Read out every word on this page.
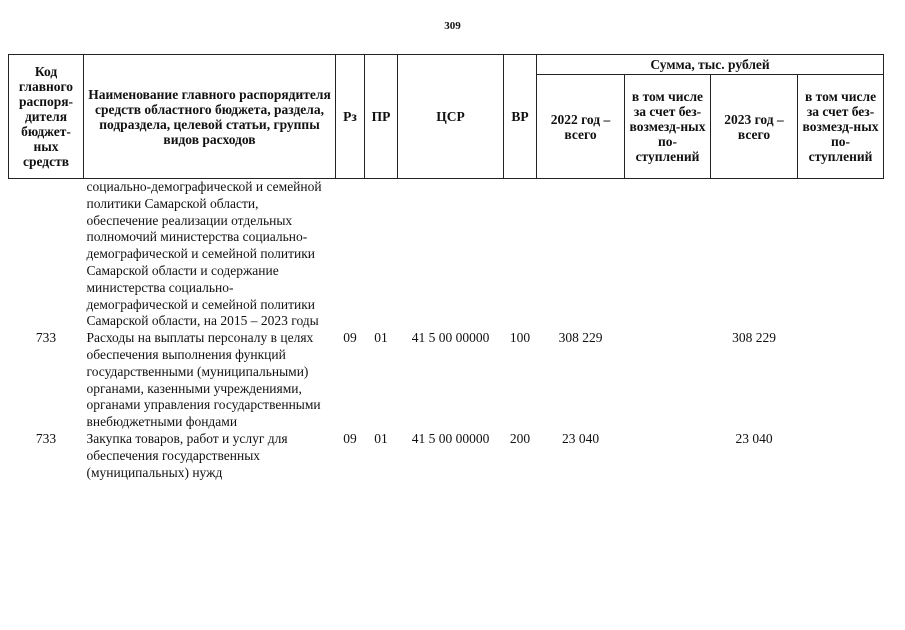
309
Код главного распоря-дителя бюджет-ных средств	Наименование главного распорядителя средств областного бюджета, раздела, подраздела, целевой статьи, группы видов расходов	Рз	ПР	ЦСР	ВР	Сумма, тыс. рублей			
						2022 год – всего	в том числе за счет без-возмезд-ных по-ступлений	2023 год – всего	в том числе за счет без-возмезд-ных по-ступлений
	социально-демографической и семейной политики Самарской области, обеспечение реализации отдельных полномочий министерства социально-демографической и семейной политики Самарской области и содержание министерства социально-демографической и семейной политики Самарской области, на 2015 – 2023 годы								
733	Расходы на выплаты персоналу в целях обеспечения выполнения функций государственными (муниципальными) органами, казенными учреждениями, органами управления государственными внебюджетными фондами	09	01	41 5 00 00000	100	308 229		308 229	
733	Закупка товаров, работ и услуг для обеспечения государственных (муниципальных) нужд	09	01	41 5 00 00000	200	23 040		23 040	
